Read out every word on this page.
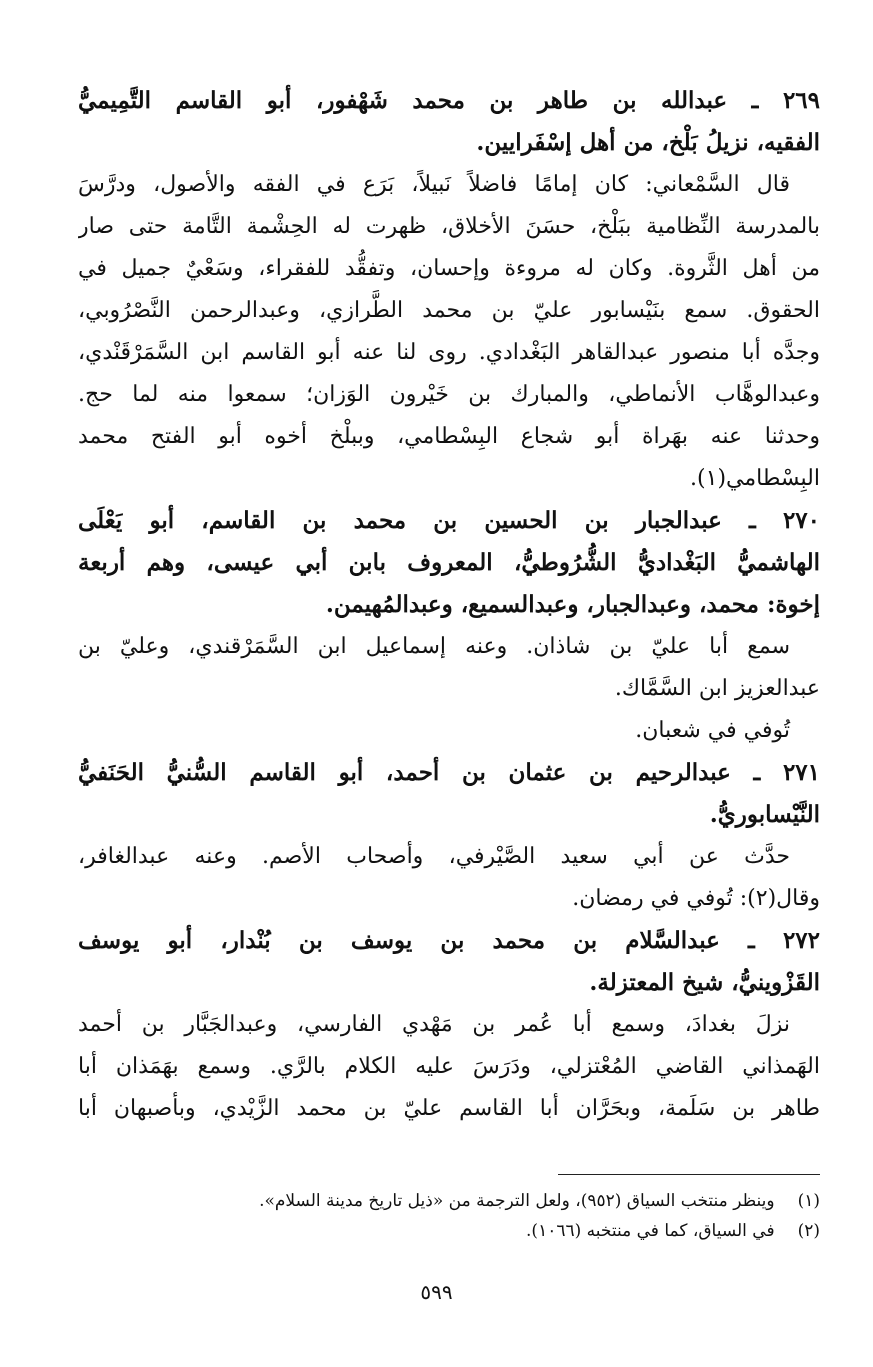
٢٦٩ ـ عبدالله بن طاهر بن محمد شَهْفور، أبو القاسم التَّمِيميُّ
الفقيه، نزيلُ بَلْخ، من أهل إسْفَرايين.
قال السَّمْعاني: كان إمامًا فاضلاً نَبيلاً، بَرَع في الفقه والأصول، ودرَّسَ
بالمدرسة النِّظامية ببَلْخ، حسَنَ الأخلاق، ظهرت له الحِشْمة التَّامة حتى صار
من أهل الثَّروة. وكان له مروءة وإحسان، وتفقُّد للفقراء، وسَعْيٌ جميل في
الحقوق. سمع بنَيْسابور عليّ بن محمد الطَّرازي، وعبدالرحمن النَّصْرُوبي،
وجدَّه أبا منصور عبدالقاهر البَغْدادي. روى لنا عنه أبو القاسم ابن السَّمَرْقَنْدي،
وعبدالوهَّاب الأنماطي، والمبارك بن خَيْرون الوَزان؛ سمعوا منه لما حج.
وحدثنا عنه بهَراة أبو شجاع البِسْطامي، وببلْخ أخوه أبو الفتح محمد
البِسْطامي(١).
٢٧٠ ـ عبدالجبار بن الحسين بن محمد بن القاسم، أبو يَعْلَى
الهاشميُّ البَغْداديُّ الشُّرُوطيُّ، المعروف بابن أبي عيسى، وهم أربعة
إخوة: محمد، وعبدالجبار، وعبدالسميع، وعبدالمُهيمن.
سمع أبا عليّ بن شاذان. وعنه إسماعيل ابن السَّمَرْقندي، وعليّ بن
عبدالعزيز ابن السَّمَّاك.
تُوفي في شعبان.
٢٧١ ـ عبدالرحيم بن عثمان بن أحمد، أبو القاسم السُّنيُّ الحَنَفيُّ
النَّيْسابوريُّ.
حدَّث عن أبي سعيد الصَّيْرفي، وأصحاب الأصم. وعنه عبدالغافر،
وقال(٢): تُوفي في رمضان.
٢٧٢ ـ عبدالسَّلام بن محمد بن يوسف بن بُنْدار، أبو يوسف
القَزْوينيُّ، شيخ المعتزلة.
نزلَ بغدادَ، وسمع أبا عُمر بن مَهْدي الفارسي، وعبدالجَبَّار بن أحمد
الهَمذاني القاضي المُعْتزلي، ودَرَسَ عليه الكلام بالرَّي. وسمع بهَمَذان أبا
طاهر بن سَلَمة، وبحَرَّان أبا القاسم عليّ بن محمد الزَّيْدي، وبأصبهان أبا
(١) وينظر منتخب السياق (٩٥٢)، ولعل الترجمة من «ذيل تاريخ مدينة السلام».
(٢) في السياق، كما في منتخبه (١٠٦٦).
٥٩٩
